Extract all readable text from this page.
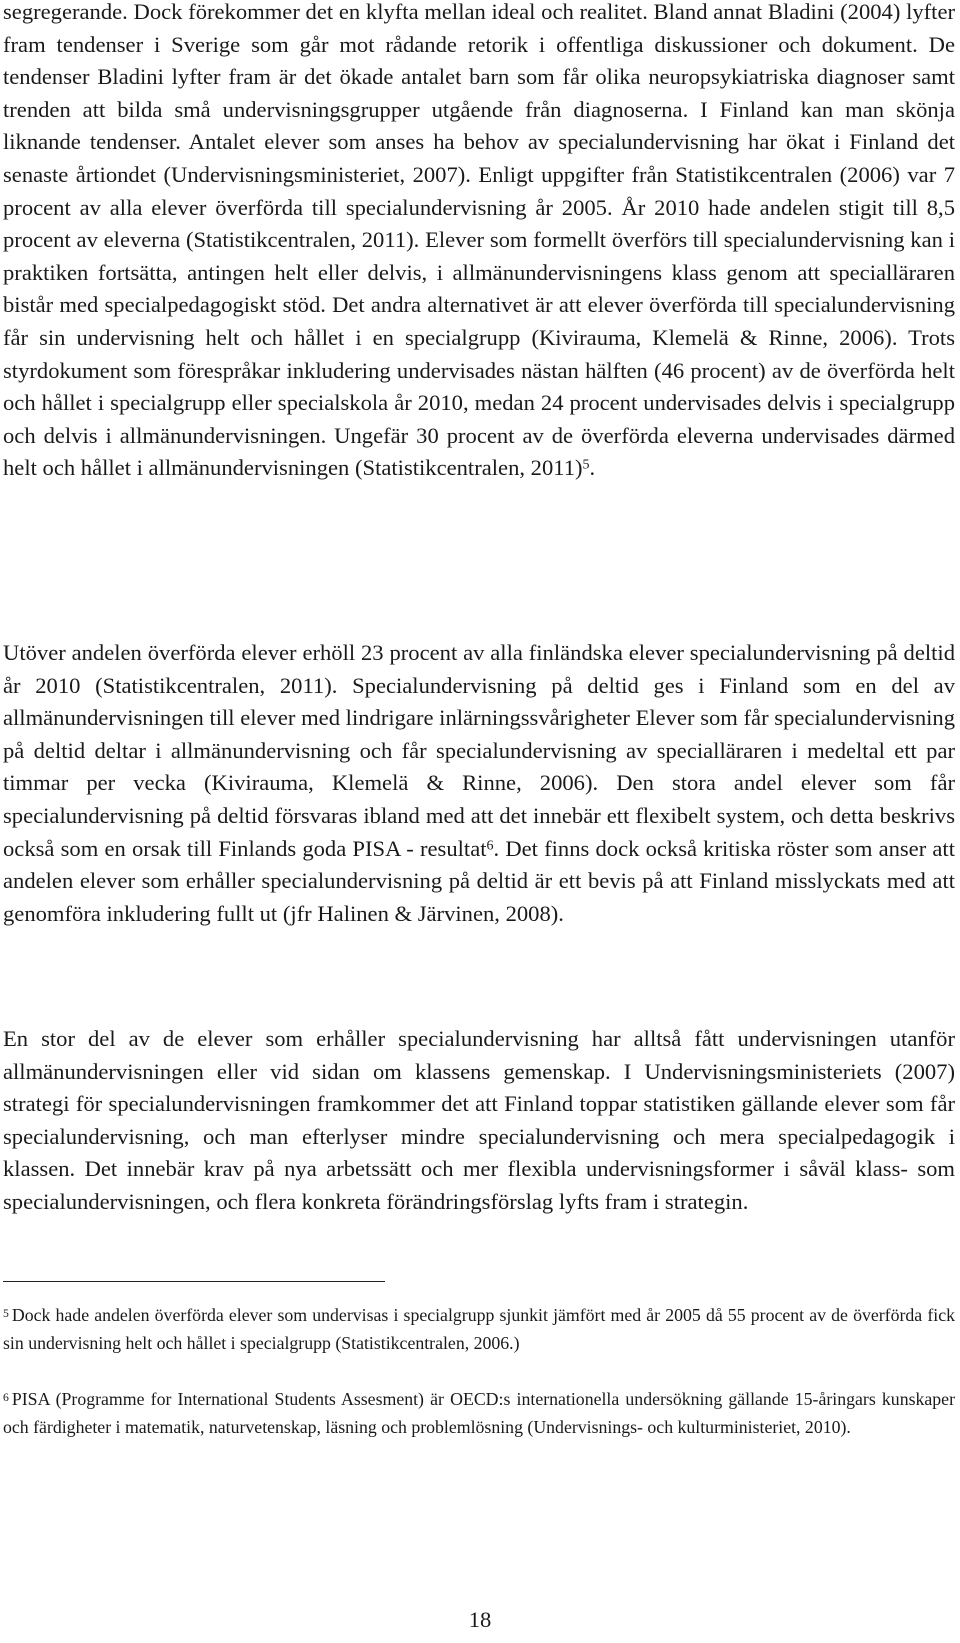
segregerande. Dock förekommer det en klyfta mellan ideal och realitet. Bland annat Bladini (2004) lyfter fram tendenser i Sverige som går mot rådande retorik i offentliga diskussioner och dokument. De tendenser Bladini lyfter fram är det ökade antalet barn som får olika neuropsykiatriska diagnoser samt trenden att bilda små undervisningsgrupper utgående från diagnoserna. I Finland kan man skönja liknande tendenser. Antalet elever som anses ha behov av specialundervisning har ökat i Finland det senaste årtiondet (Undervisningsministeriet, 2007). Enligt uppgifter från Statistikcentralen (2006) var 7 procent av alla elever överförda till specialundervisning år 2005. År 2010 hade andelen stigit till 8,5 procent av eleverna (Statistikcentralen, 2011). Elever som formellt överförs till specialundervisning kan i praktiken fortsätta, antingen helt eller delvis, i allmänundervisningens klass genom att specialläraren bistår med specialpedagogiskt stöd. Det andra alternativet är att elever överförda till specialundervisning får sin undervisning helt och hållet i en specialgrupp (Kivirauma, Klemelä & Rinne, 2006). Trots styrdokument som förespråkar inkludering undervisades nästan hälften (46 procent) av de överförda helt och hållet i specialgrupp eller specialskola år 2010, medan 24 procent undervisades delvis i specialgrupp och delvis i allmänundervisningen. Ungefär 30 procent av de överförda eleverna undervisades därmed helt och hållet i allmänundervisningen (Statistikcentralen, 2011)$^5$.

Utöver andelen överförda elever erhöll 23 procent av alla finländska elever specialundervisning på deltid år 2010 (Statistikcentralen, 2011). Specialundervisning på deltid ges i Finland som en del av allmänundervisningen till elever med lindrigare inlärningssvårigheter Elever som får specialundervisning på deltid deltar i allmänundervisning och får specialundervisning av specialläraren i medeltal ett par timmar per vecka (Kivirauma, Klemelä & Rinne, 2006). Den stora andel elever som får specialundervisning på deltid försvaras ibland med att det innebär ett flexibelt system, och detta beskrivs också som en orsak till Finlands goda PISA - resultat$^6$. Det finns dock också kritiska röster som anser att andelen elever som erhåller specialundervisning på deltid är ett bevis på att Finland misslyckats med att genomföra inkludering fullt ut (jfr Halinen & Järvinen, 2008).

En stor del av de elever som erhåller specialundervisning har alltså fått undervisningen utanför allmänundervisningen eller vid sidan om klassens gemenskap. I Undervisningsministeriets (2007) strategi för specialundervisningen framkommer det att Finland toppar statistiken gällande elever som får specialundervisning, och man efterlyser mindre specialundervisning och mera specialpedagogik i klassen. Det innebär krav på nya arbetssätt och mer flexibla undervisningsformer i såväl klass- som specialundervisningen, och flera konkreta förändringsförslag lyfts fram i strategin.

$^5$ Dock hade andelen överförda elever som undervisas i specialgrupp sjunkit jämfört med år 2005 då 55 procent av de överförda fick sin undervisning helt och hållet i specialgrupp (Statistikcentralen, 2006.)

$^6$ PISA (Programme for International Students Assesment) är OECD:s internationella undersökning gällande 15-åringars kunskaper och färdigheter i matematik, naturvetenskap, läsning och problemlösning (Undervisnings- och kulturministeriet, 2010).

18
